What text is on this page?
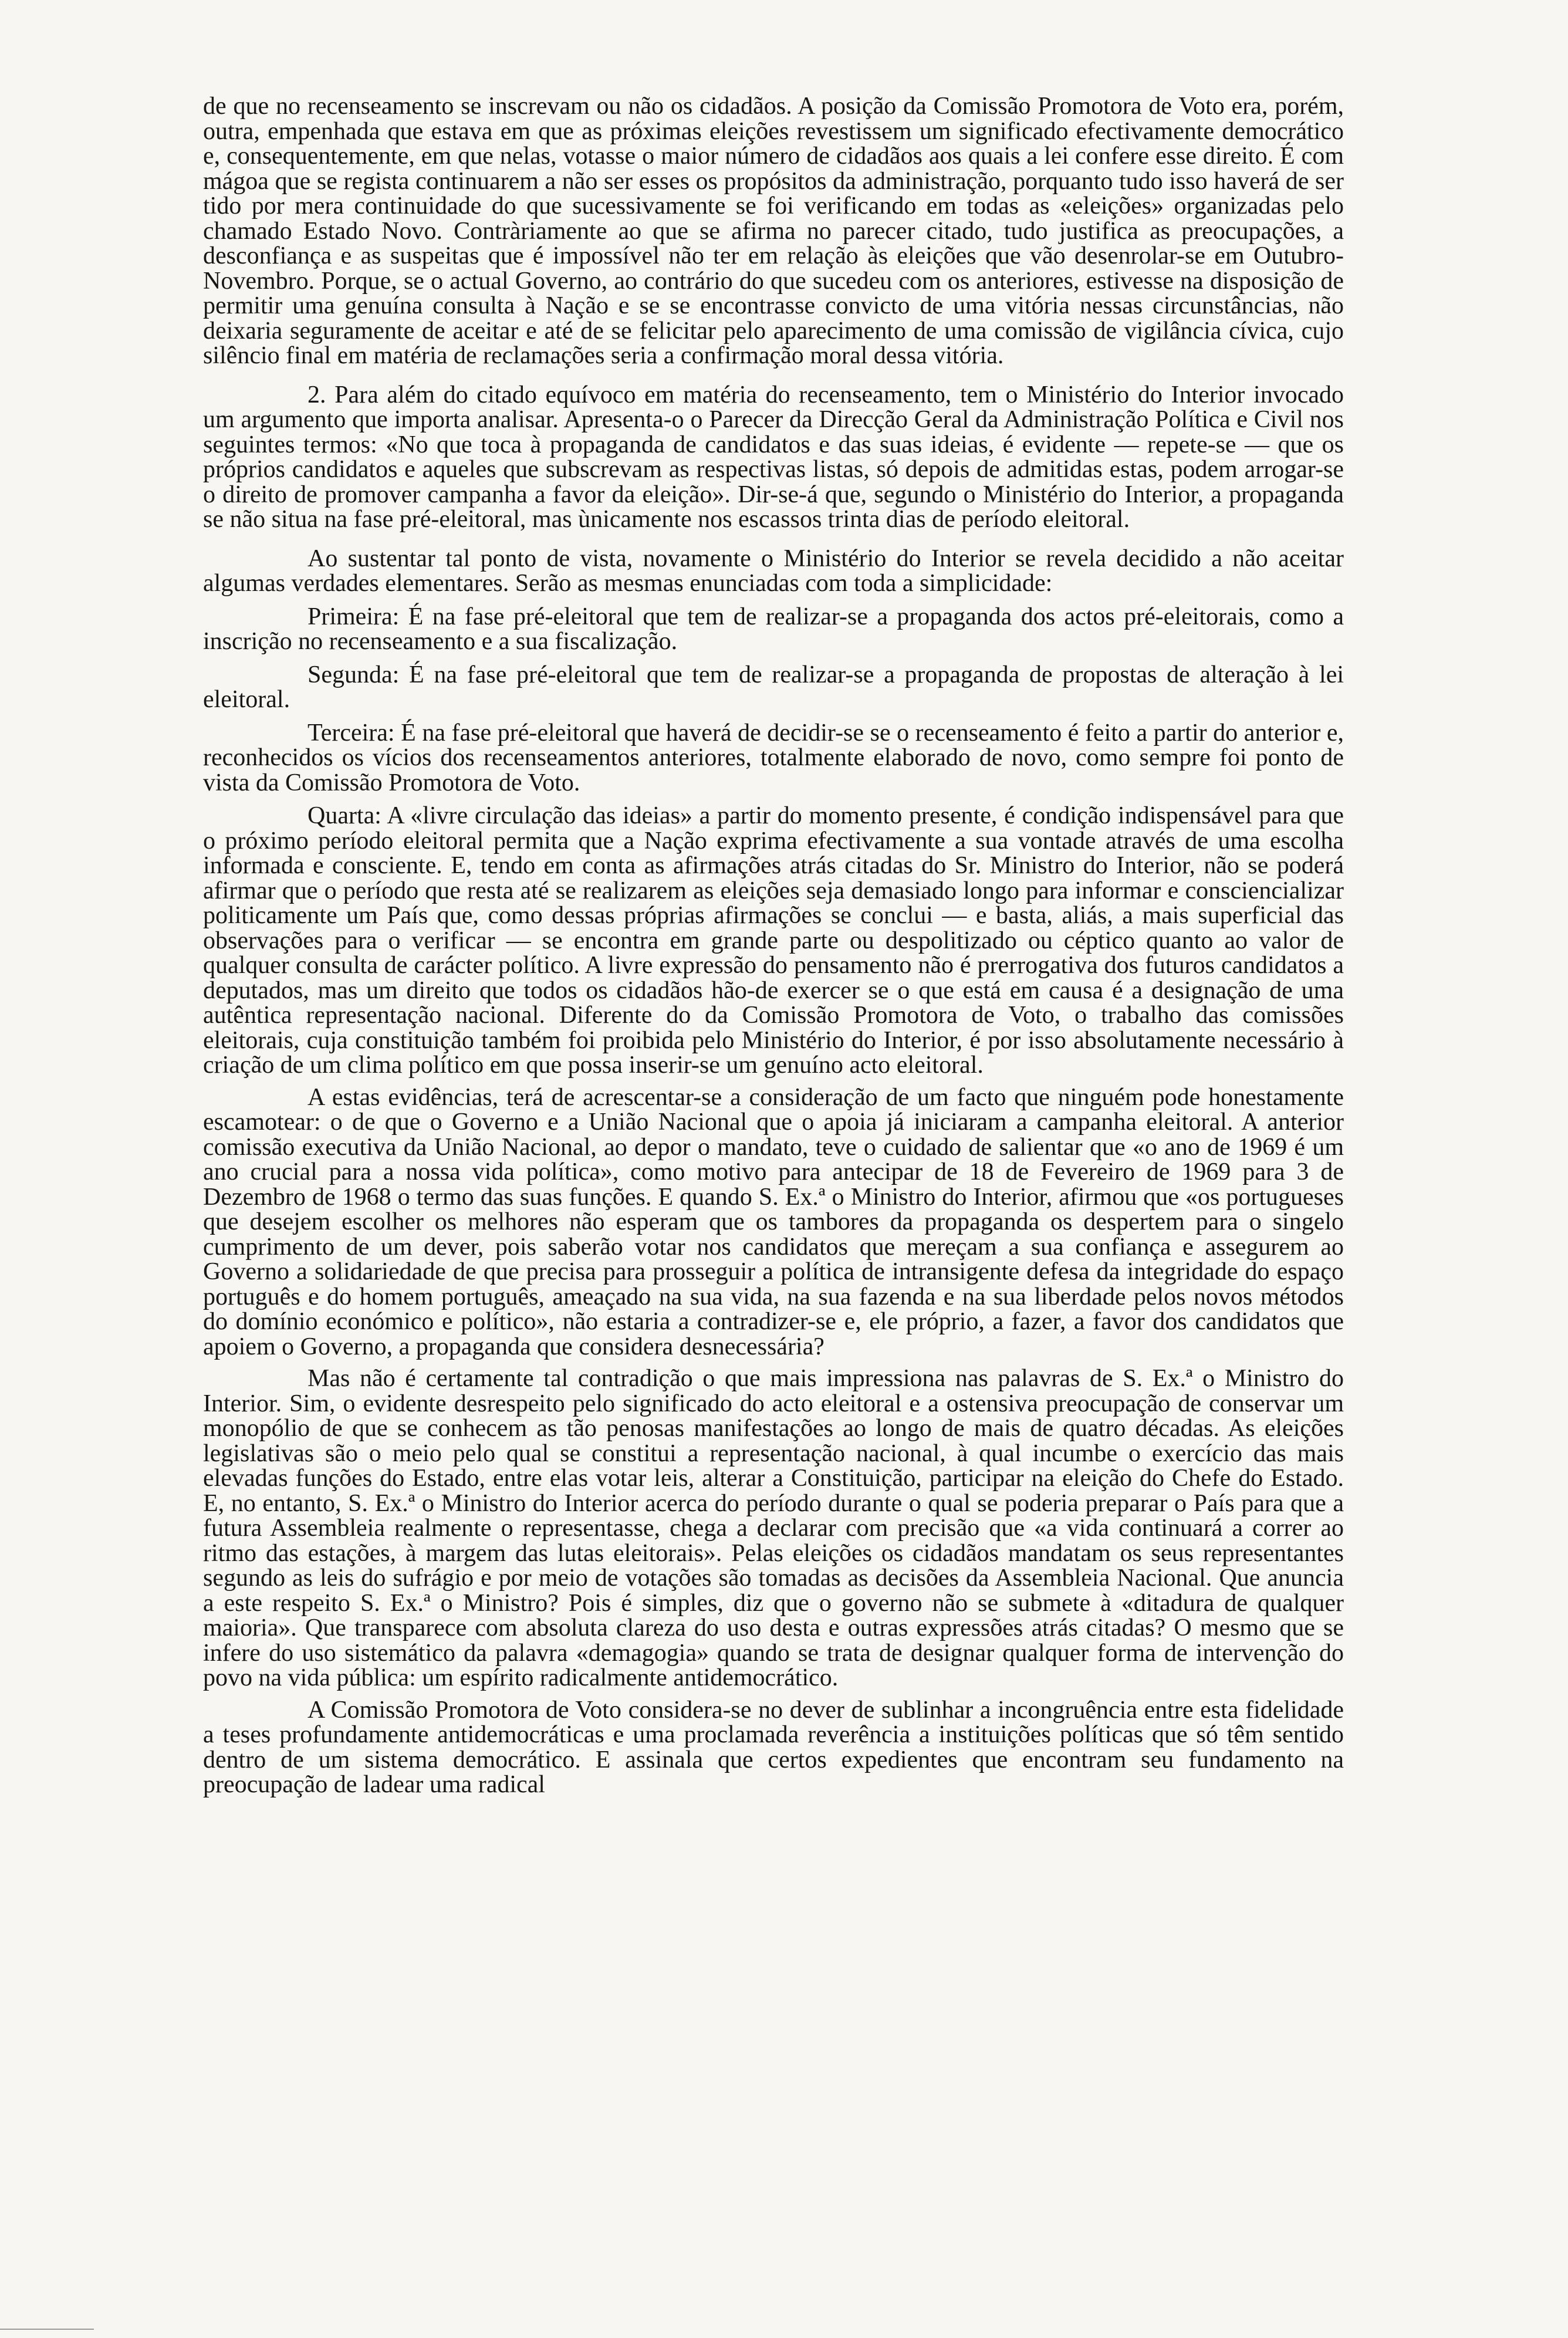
de que no recenseamento se inscrevam ou não os cidadãos. A posição da Comissão Promotora de Voto era, porém, outra, empenhada que estava em que as próximas eleições revestissem um significado efectivamente democrático e, consequentemente, em que nelas, votasse o maior número de cidadãos aos quais a lei confere esse direito. É com mágoa que se regista continuarem a não ser esses os propósitos da administração, porquanto tudo isso haverá de ser tido por mera continuidade do que sucessivamente se foi verificando em todas as «eleições» organizadas pelo chamado Estado Novo. Contràriamente ao que se afirma no parecer citado, tudo justifica as preocupações, a desconfiança e as suspeitas que é impossível não ter em relação às eleições que vão desenrolar-se em Outubro-Novembro. Porque, se o actual Governo, ao contrário do que sucedeu com os anteriores, estivesse na disposição de permitir uma genuína consulta à Nação e se se encontrasse convicto de uma vitória nessas circunstâncias, não deixaria seguramente de aceitar e até de se felicitar pelo aparecimento de uma comissão de vigilância cívica, cujo silêncio final em matéria de reclamações seria a confirmação moral dessa vitória.

2. Para além do citado equívoco em matéria do recenseamento, tem o Ministério do Interior invocado um argumento que importa analisar. Apresenta-o o Parecer da Direcção Geral da Administração Política e Civil nos seguintes termos: «No que toca à propaganda de candidatos e das suas ideias, é evidente — repete-se — que os próprios candidatos e aqueles que subscrevam as respectivas listas, só depois de admitidas estas, podem arrogar-se o direito de promover campanha a favor da eleição». Dir-se-á que, segundo o Ministério do Interior, a propaganda se não situa na fase pré-eleitoral, mas ùnicamente nos escassos trinta dias de período eleitoral.

Ao sustentar tal ponto de vista, novamente o Ministério do Interior se revela decidido a não aceitar algumas verdades elementares. Serão as mesmas enunciadas com toda a simplicidade:

Primeira: É na fase pré-eleitoral que tem de realizar-se a propaganda dos actos pré-eleitorais, como a inscrição no recenseamento e a sua fiscalização.

Segunda: É na fase pré-eleitoral que tem de realizar-se a propaganda de propostas de alteração à lei eleitoral.

Terceira: É na fase pré-eleitoral que haverá de decidir-se se o recenseamento é feito a partir do anterior e, reconhecidos os vícios dos recenseamentos anteriores, totalmente elaborado de novo, como sempre foi ponto de vista da Comissão Promotora de Voto.

Quarta: A «livre circulação das ideias» a partir do momento presente, é condição indispensável para que o próximo período eleitoral permita que a Nação exprima efectivamente a sua vontade através de uma escolha informada e consciente. E, tendo em conta as afirmações atrás citadas do Sr. Ministro do Interior, não se poderá afirmar que o período que resta até se realizarem as eleições seja demasiado longo para informar e consciencializar politicamente um País que, como dessas próprias afirmações se conclui — e basta, aliás, a mais superficial das observações para o verificar — se encontra em grande parte ou despolitizado ou céptico quanto ao valor de qualquer consulta de carácter político. A livre expressão do pensamento não é prerrogativa dos futuros candidatos a deputados, mas um direito que todos os cidadãos hão-de exercer se o que está em causa é a designação de uma autêntica representação nacional. Diferente do da Comissão Promotora de Voto, o trabalho das comissões eleitorais, cuja constituição também foi proibida pelo Ministério do Interior, é por isso absolutamente necessário à criação de um clima político em que possa inserir-se um genuíno acto eleitoral.

A estas evidências, terá de acrescentar-se a consideração de um facto que ninguém pode honestamente escamotear: o de que o Governo e a União Nacional que o apoia já iniciaram a campanha eleitoral. A anterior comissão executiva da União Nacional, ao depor o mandato, teve o cuidado de salientar que «o ano de 1969 é um ano crucial para a nossa vida política», como motivo para antecipar de 18 de Fevereiro de 1969 para 3 de Dezembro de 1968 o termo das suas funções. E quando S. Ex.ª o Ministro do Interior, afirmou que «os portugueses que desejem escolher os melhores não esperam que os tambores da propaganda os despertem para o singelo cumprimento de um dever, pois saberão votar nos candidatos que mereçam a sua confiança e assegurem ao Governo a solidariedade de que precisa para prosseguir a política de intransigente defesa da integridade do espaço português e do homem português, ameaçado na sua vida, na sua fazenda e na sua liberdade pelos novos métodos do domínio económico e político», não estaria a contradizer-se e, ele próprio, a fazer, a favor dos candidatos que apoiem o Governo, a propaganda que considera desnecessária?

Mas não é certamente tal contradição o que mais impressiona nas palavras de S. Ex.ª o Ministro do Interior. Sim, o evidente desrespeito pelo significado do acto eleitoral e a ostensiva preocupação de conservar um monopólio de que se conhecem as tão penosas manifestações ao longo de mais de quatro décadas. As eleições legislativas são o meio pelo qual se constitui a representação nacional, à qual incumbe o exercício das mais elevadas funções do Estado, entre elas votar leis, alterar a Constituição, participar na eleição do Chefe do Estado. E, no entanto, S. Ex.ª o Ministro do Interior acerca do período durante o qual se poderia preparar o País para que a futura Assembleia realmente o representasse, chega a declarar com precisão que «a vida continuará a correr ao ritmo das estações, à margem das lutas eleitorais». Pelas eleições os cidadãos mandatam os seus representantes segundo as leis do sufrágio e por meio de votações são tomadas as decisões da Assembleia Nacional. Que anuncia a este respeito S. Ex.ª o Ministro? Pois é simples, diz que o governo não se submete à «ditadura de qualquer maioria». Que transparece com absoluta clareza do uso desta e outras expressões atrás citadas? O mesmo que se infere do uso sistemático da palavra «demagogia» quando se trata de designar qualquer forma de intervenção do povo na vida pública: um espírito radicalmente antidemocrático.

A Comissão Promotora de Voto considera-se no dever de sublinhar a incongruência entre esta fidelidade a teses profundamente antidemocráticas e uma proclamada reverência a instituições políticas que só têm sentido dentro de um sistema democrático. E assinala que certos expedientes que encontram seu fundamento na preocupação de ladear uma radical
